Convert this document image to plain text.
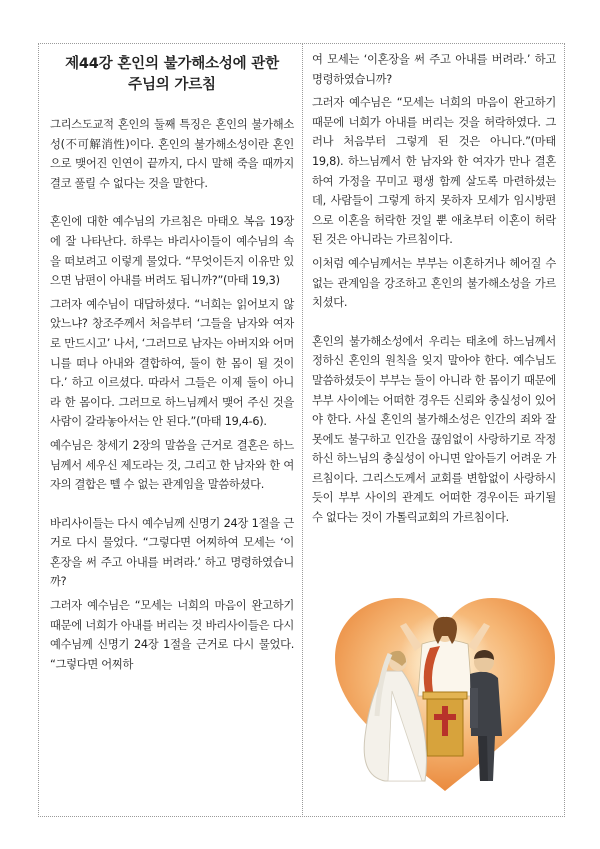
제44강 혼인의 불가해소성에 관한
주님의 가르침

그리스도교적 혼인의 둘째 특징은 혼인의 불가해소성(不可解消性)이다. 혼인의 불가해소성이란 혼인으로 맺어진 인연이 끝까지, 다시 말해 죽을 때까지 결코 풀릴 수 없다는 것을 말한다.

혼인에 대한 예수님의 가르침은 마태오 복음 19장에 잘 나타난다. 하루는 바리사이들이 예수님의 속을 떠보려고 이렇게 물었다. “무엇이든지 이유만 있으면 남편이 아내를 버려도 됩니까?”(마태 19,3)

그러자 예수님이 대답하셨다. “너희는 읽어보지 않았느냐? 창조주께서 처음부터 ‘그들을 남자와 여자로 만드시고’ 나서, ‘그러므로 남자는 아버지와 어머니를 떠나 아내와 결합하여, 둘이 한 몸이 될 것이다.’ 하고 이르셨다. 따라서 그들은 이제 둘이 아니라 한 몸이다. 그러므로 하느님께서 맺어 주신 것을 사람이 갈라놓아서는 안 된다.”(마태 19,4-6).

예수님은 창세기 2장의 말씀을 근거로 결혼은 하느님께서 세우신 제도라는 것, 그리고 한 남자와 한 여자의 결합은 뗄 수 없는 관계임을 말씀하셨다.

바리사이들는 다시 예수님께 신명기 24장 1절을 근거로 다시 물었다. “그렇다면 어찌하여 모세는 ‘이혼장을 써 주고 아내를 버려라.’ 하고 명령하였습니까?

그러자 예수님은 “모세는 너희의 마음이 완고하기 때문에 너희가 아내를 버리는 것 바리사이들은 다시 예수님께 신명기 24장 1절을 근거로 다시 물었다. “그렇다면 어찌하

여 모세는 ‘이혼장을 써 주고 아내를 버려라.’ 하고 명령하였습니까?

그러자 예수님은 “모세는 너희의 마음이 완고하기 때문에 너희가 아내를 버리는 것을 허락하였다. 그러나 처음부터 그렇게 된 것은 아니다.”(마태 19,8). 하느님께서 한 남자와 한 여자가 만나 결혼하여 가정을 꾸미고 평생 함께 살도록 마련하셨는데, 사람들이 그렇게 하지 못하자 모세가 임시방편으로 이혼을 허락한 것일 뿐 애초부터 이혼이 허락된 것은 아니라는 가르침이다.

이처럼 예수님께서는 부부는 이혼하거나 헤어질 수 없는 관계임을 강조하고 혼인의 불가해소성을 가르치셨다.

혼인의 불가해소성에서 우리는 태초에 하느님께서 정하신 혼인의 원칙을 잊지 말아야 한다. 예수님도 말씀하셨듯이 부부는 둘이 아니라 한 몸이기 때문에 부부 사이에는 어떠한 경우든 신뢰와 충실성이 있어야 한다. 사실 혼인의 불가해소성은 인간의 죄와 잘못에도 불구하고 인간을 끊임없이 사랑하기로 작정하신 하느님의 충실성이 아니면 알아듣기 어려운 가르침이다. 그리스도께서 교회를 변함없이 사랑하시듯이 부부 사이의 관계도 어떠한 경우이든 파기될 수 없다는 것이 가톨릭교회의 가르침이다.
